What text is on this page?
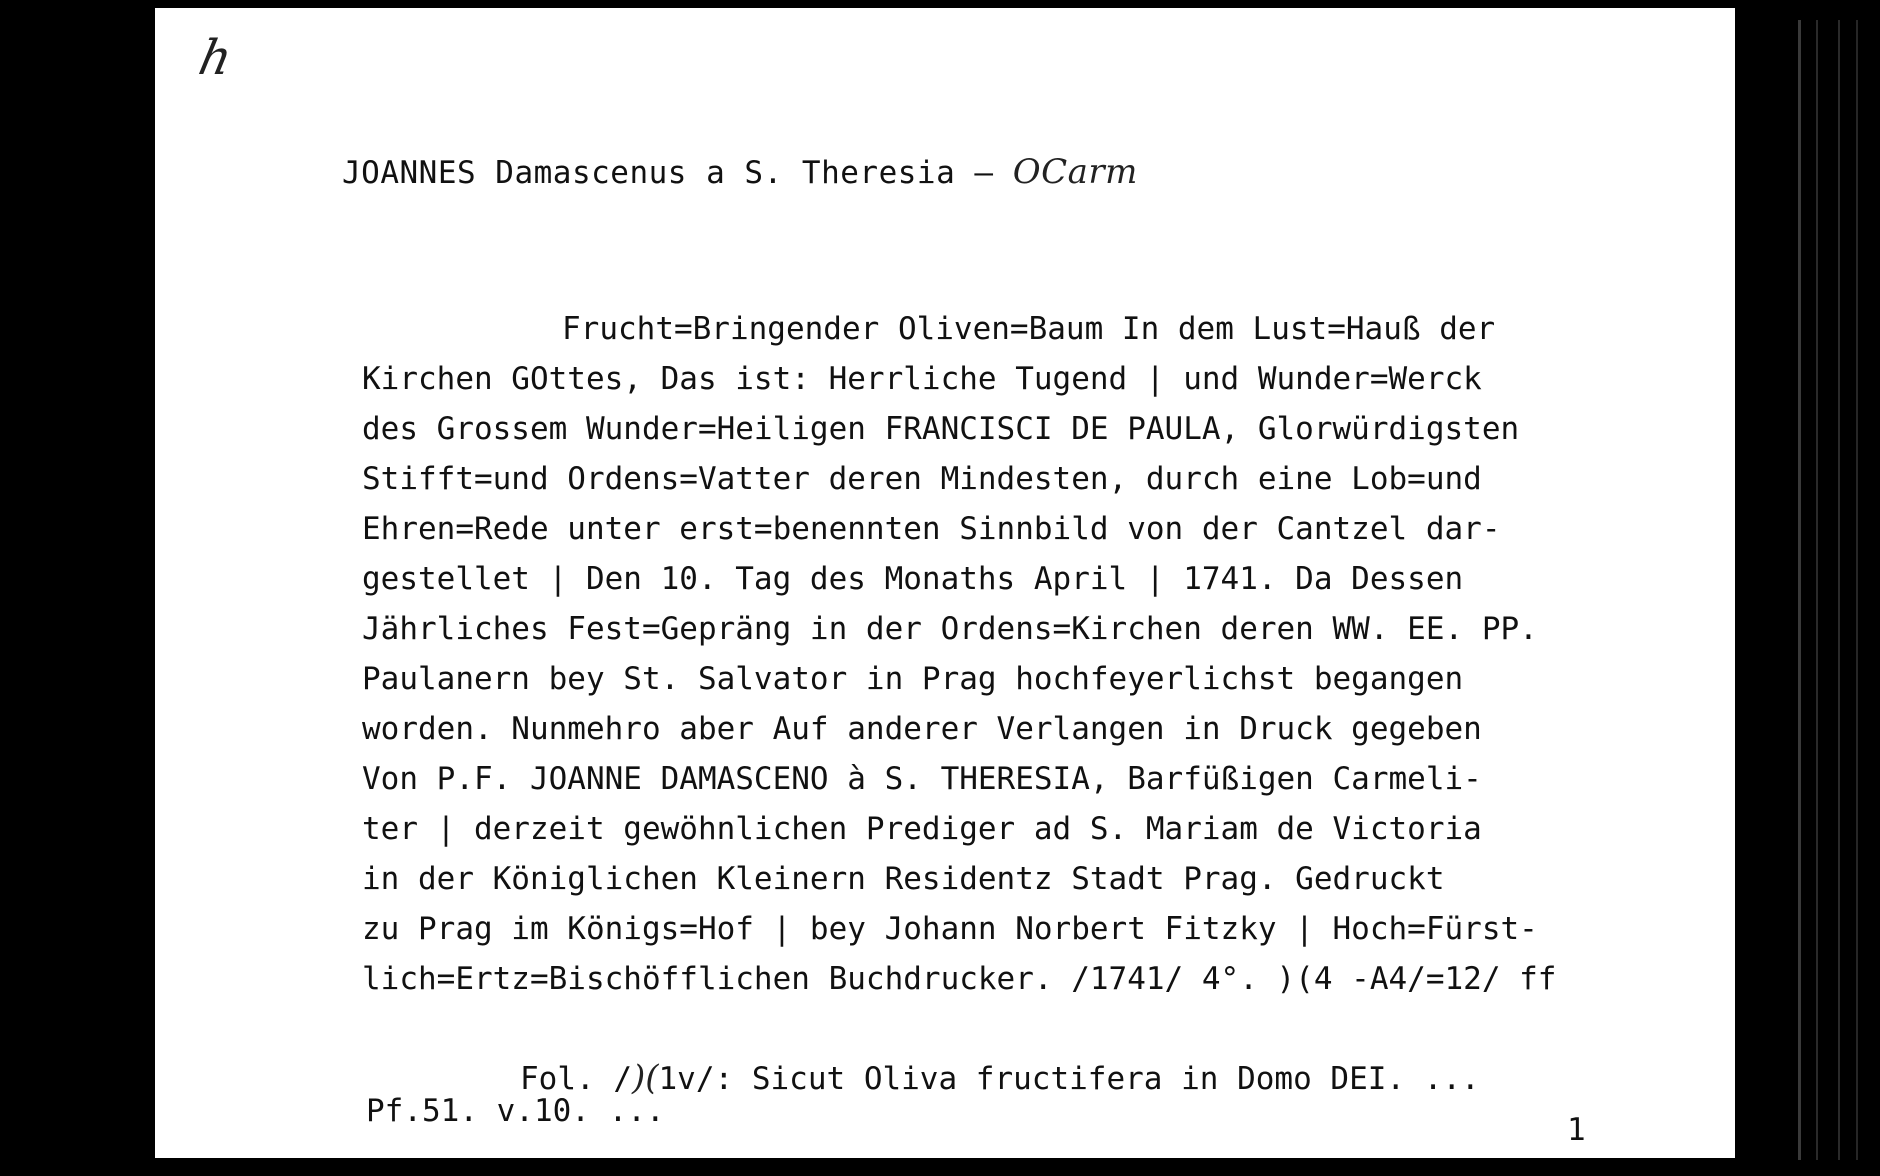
h
JOANNES Damascenus a S. Theresia – OCarm
Frucht=Bringender Oliven=Baum In dem Lust=Hauß der
Kirchen GOttes, Das ist: Herrliche Tugend | und Wunder=Werck
des Grossem Wunder=Heiligen FRANCISCI DE PAULA, Glorwürdigsten
Stifft=und Ordens=Vatter deren Mindesten, durch eine Lob=und
Ehren=Rede unter erst=benennten Sinnbild von der Cantzel dar-
gestellet | Den 10. Tag des Monaths April | 1741. Da Dessen
Jährliches Fest=Gepräng in der Ordens=Kirchen deren WW. EE. PP.
Paulanern bey St. Salvator in Prag hochfeyerlichst begangen
worden. Nunmehro aber Auf anderer Verlangen in Druck gegeben
Von P.F. JOANNE DAMASCENO à S. THERESIA, Barfüßigen Carmeli-
ter | derzeit gewöhnlichen Prediger ad S. Mariam de Victoria
in der Königlichen Kleinern Residentz Stadt Prag. Gedruckt
zu Prag im Königs=Hof | bey Johann Norbert Fitzky | Hoch=Fürst-
lich=Ertz=Bischöfflichen Buchdrucker. /1741/ 4°. )(4 -A4/=12/ ff
Fol. /)(1v/: Sicut Oliva fructifera in Domo DEI. ...
Pf.51. v.10. ...
1
